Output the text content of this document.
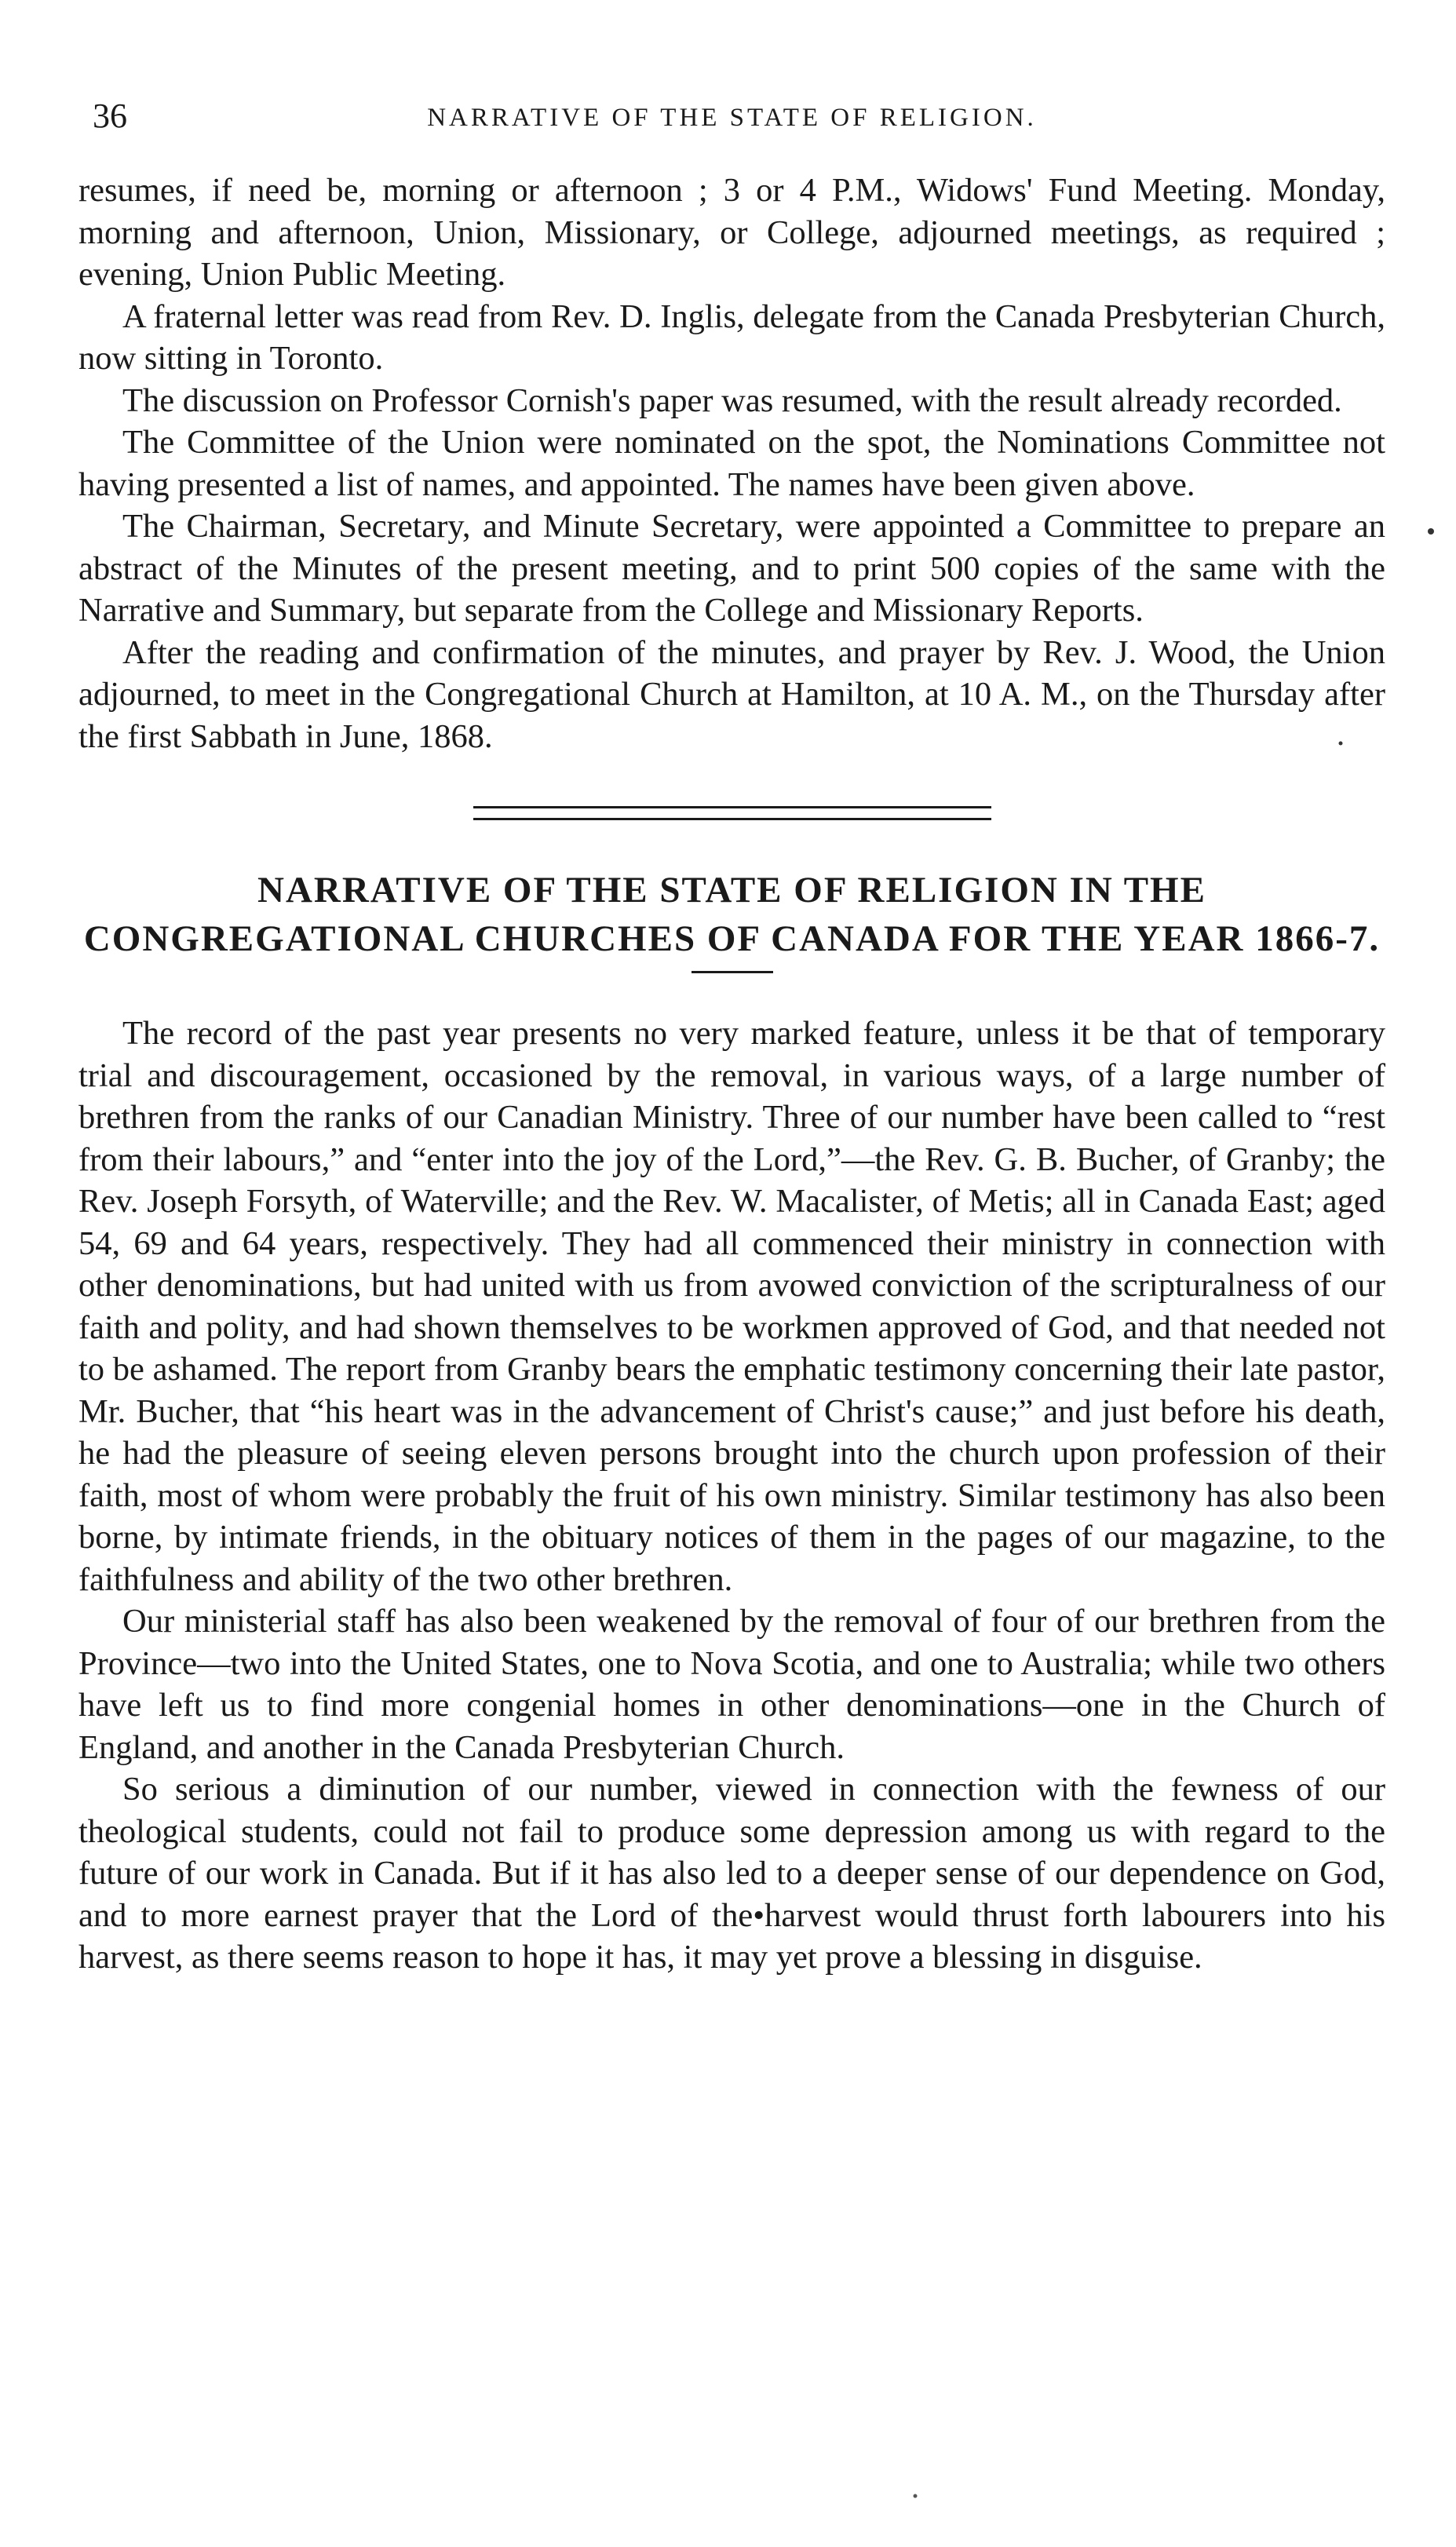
36	NARRATIVE OF THE STATE OF RELIGION.

resumes, if need be, morning or afternoon ; 3 or 4 P.M., Widows' Fund Meeting. Monday, morning and afternoon, Union, Missionary, or College, adjourned meetings, as required ; evening, Union Public Meeting.

A fraternal letter was read from Rev. D. Inglis, delegate from the Canada Presbyterian Church, now sitting in Toronto.

The discussion on Professor Cornish's paper was resumed, with the result already recorded.

The Committee of the Union were nominated on the spot, the Nominations Committee not having presented a list of names, and appointed. The names have been given above.

The Chairman, Secretary, and Minute Secretary, were appointed a Committee to prepare an abstract of the Minutes of the present meeting, and to print 500 copies of the same with the Narrative and Summary, but separate from the College and Missionary Reports.

After the reading and confirmation of the minutes, and prayer by Rev. J. Wood, the Union adjourned, to meet in the Congregational Church at Hamilton, at 10 A. M., on the Thursday after the first Sabbath in June, 1868.

NARRATIVE OF THE STATE OF RELIGION IN THE CONGREGATIONAL CHURCHES OF CANADA FOR THE YEAR 1866-7.

The record of the past year presents no very marked feature, unless it be that of temporary trial and discouragement, occasioned by the removal, in various ways, of a large number of brethren from the ranks of our Canadian Ministry. Three of our number have been called to “rest from their labours,” and “enter into the joy of the Lord,”—the Rev. G. B. Bucher, of Granby; the Rev. Joseph Forsyth, of Waterville; and the Rev. W. Macalister, of Metis; all in Canada East; aged 54, 69 and 64 years, respectively. They had all commenced their ministry in connection with other denominations, but had united with us from avowed conviction of the scripturalness of our faith and polity, and had shown themselves to be workmen approved of God, and that needed not to be ashamed. The report from Granby bears the emphatic testimony concerning their late pastor, Mr. Bucher, that “his heart was in the advancement of Christ's cause;” and just before his death, he had the pleasure of seeing eleven persons brought into the church upon profession of their faith, most of whom were probably the fruit of his own ministry. Similar testimony has also been borne, by intimate friends, in the obituary notices of them in the pages of our magazine, to the faithfulness and ability of the two other brethren.

Our ministerial staff has also been weakened by the removal of four of our brethren from the Province—two into the United States, one to Nova Scotia, and one to Australia; while two others have left us to find more congenial homes in other denominations—one in the Church of England, and another in the Canada Presbyterian Church.

So serious a diminution of our number, viewed in connection with the fewness of our theological students, could not fail to produce some depression among us with regard to the future of our work in Canada. But if it has also led to a deeper sense of our dependence on God, and to more earnest prayer that the Lord of the•harvest would thrust forth labourers into his harvest, as there seems reason to hope it has, it may yet prove a blessing in disguise.
